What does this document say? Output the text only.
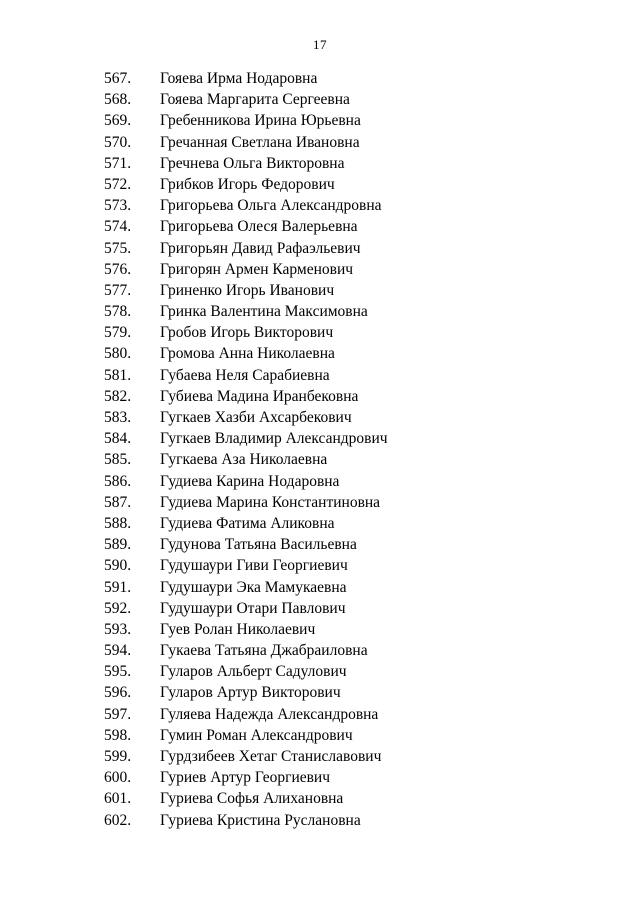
17
567. Гояева Ирма Нодаровна
568. Гояева Маргарита Сергеевна
569. Гребенникова Ирина Юрьевна
570. Гречанная Светлана Ивановна
571. Гречнева Ольга Викторовна
572. Грибков Игорь Федорович
573. Григорьева Ольга Александровна
574. Григорьева Олеся Валерьевна
575. Григорьян Давид Рафаэльевич
576. Григорян Армен Карменович
577. Гриненко Игорь Иванович
578. Гринка Валентина Максимовна
579. Гробов Игорь Викторович
580. Громова Анна Николаевна
581. Губаева Неля Сарабиевна
582. Губиева Мадина Иранбековна
583. Гугкаев Хазби Ахсарбекович
584. Гугкаев Владимир Александрович
585. Гугкаева Аза Николаевна
586. Гудиева Карина Нодаровна
587. Гудиева Марина Константиновна
588. Гудиева Фатима Аликовна
589. Гудунова Татьяна Васильевна
590. Гудушаури Гиви Георгиевич
591. Гудушаури Эка Мамукаевна
592. Гудушаури Отари Павлович
593. Гуев Ролан Николаевич
594. Гукаева Татьяна Джабраиловна
595. Гуларов Альберт Садулович
596. Гуларов Артур Викторович
597. Гуляева Надежда Александровна
598. Гумин Роман Александрович
599. Гурдзибеев Хетаг Станиславович
600. Гуриев Артур Георгиевич
601. Гуриева Софья Алихановна
602. Гуриева Кристина Руслановна
